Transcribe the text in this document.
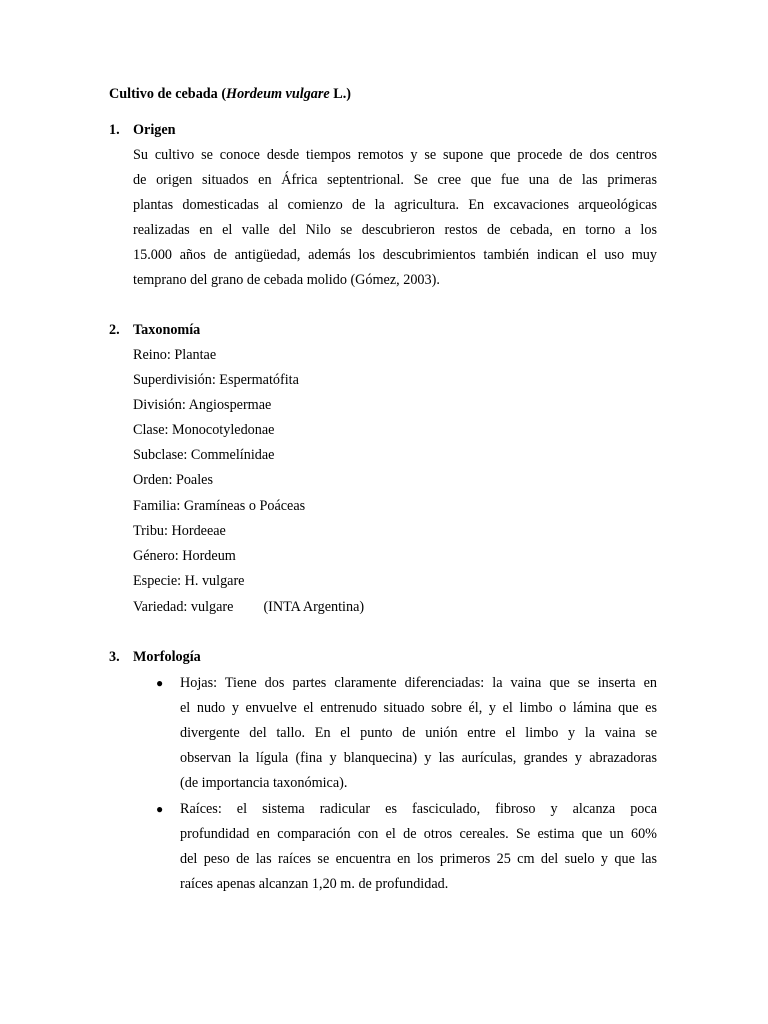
Cultivo de cebada (Hordeum vulgare L.)
1. Origen
Su cultivo se conoce desde tiempos remotos y se supone que procede de dos centros
de origen situados en África septentrional. Se cree que fue una de las primeras
plantas domesticadas al comienzo de la agricultura. En excavaciones arqueológicas
realizadas en el valle del Nilo se descubrieron restos de cebada, en torno a los
15.000 años de antigüedad, además los descubrimientos también indican el uso muy
temprano del grano de cebada molido (Gómez, 2003).
2. Taxonomía
Reino: Plantae
Superdivisión: Espermatófita
División: Angiospermae
Clase: Monocotyledonae
Subclase: Commelínidae
Orden: Poales
Familia: Gramíneas o Poáceas
Tribu: Hordeeae
Género: Hordeum
Especie: H. vulgare
Variedad: vulgare (INTA Argentina)
3. Morfología
● Hojas: Tiene dos partes claramente diferenciadas: la vaina que se inserta en
el nudo y envuelve el entrenudo situado sobre él, y el limbo o lámina que es
divergente del tallo. En el punto de unión entre el limbo y la vaina se
observan la lígula (fina y blanquecina) y las aurículas, grandes y abrazadoras
(de importancia taxonómica).
● Raíces: el sistema radicular es fasciculado, fibroso y alcanza poca
profundidad en comparación con el de otros cereales. Se estima que un 60%
del peso de las raíces se encuentra en los primeros 25 cm del suelo y que las
raíces apenas alcanzan 1,20 m. de profundidad.
